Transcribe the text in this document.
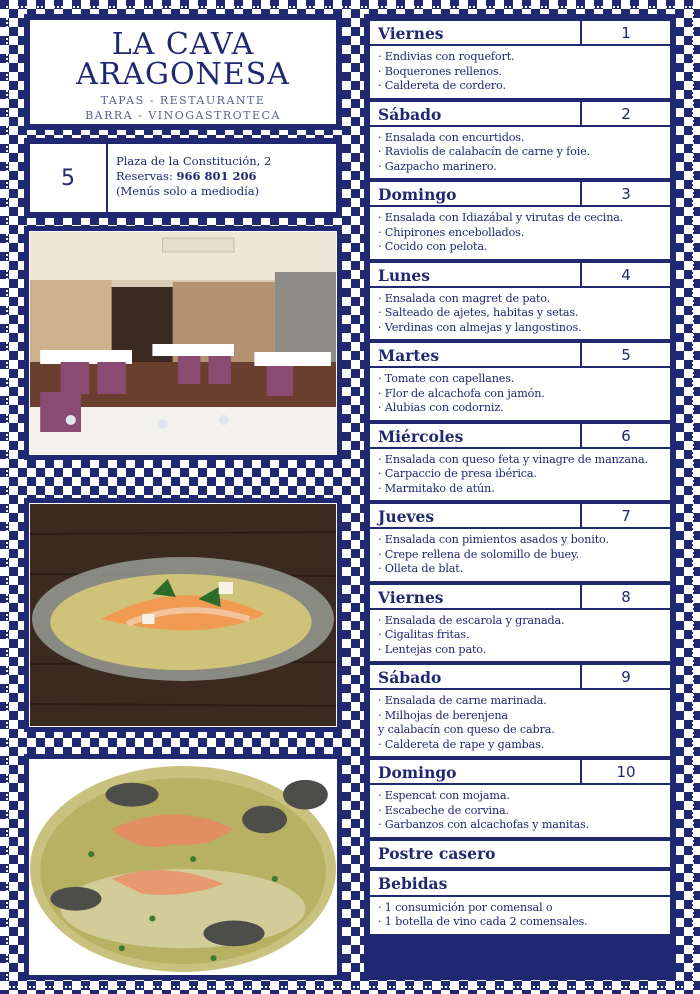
LA CAVA
ARAGONESA
TAPAS - RESTAURANTE
BARRA - VINOGASTROTECA
5
Plaza de la Constitución, 2
Reservas: 966 801 206
(Menús solo a mediodía)
Viernes	1
· Endivias con roquefort.
· Boquerones rellenos.
· Caldereta de cordero.
Sábado	2
· Ensalada con encurtidos.
· Raviolis de calabacín de carne y foie.
· Gazpacho marinero.
Domingo	3
· Ensalada con Idiazábal y virutas de cecina.
· Chipirones encebollados.
· Cocido con pelota.
Lunes	4
· Ensalada con magret de pato.
· Salteado de ajetes, habitas y setas.
· Verdinas con almejas y langostinos.
Martes	5
· Tomate con capellanes.
· Flor de alcachofa con jamón.
· Alubias con codorniz.
Miércoles	6
· Ensalada con queso feta y vinagre de manzana.
· Carpaccio de presa ibérica.
· Marmitako de atún.
Jueves	7
· Ensalada con pimientos asados y bonito.
· Crepe rellena de solomillo de buey.
· Olleta de blat.
Viernes	8
· Ensalada de escarola y granada.
· Cigalitas fritas.
· Lentejas con pato.
Sábado	9
· Ensalada de carne marinada.
· Milhojas de berenjena
y calabacín con queso de cabra.
· Caldereta de rape y gambas.
Domingo	10
· Espencat con mojama.
· Escabeche de corvina.
· Garbanzos con alcachofas y manitas.
Postre casero
Bebidas
· 1 consumición por comensal o
· 1 botella de vino cada 2 comensales.
